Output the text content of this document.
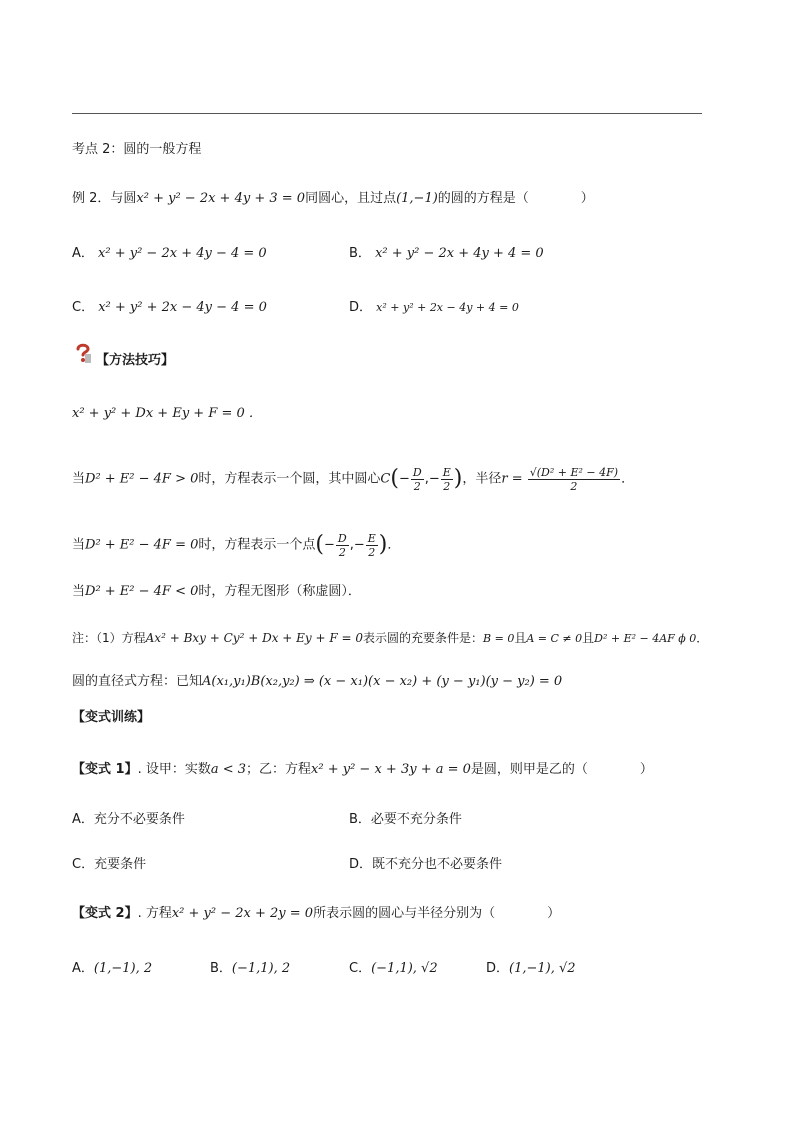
考点 2：圆的一般方程
例 2．与圆x² + y² − 2x + 4y + 3 = 0同圆心，且过点(1,−1)的圆的方程是（　　　　）
A． x² + y² − 2x + 4y − 4 = 0	B． x² + y² − 2x + 4y + 4 = 0
C． x² + y² + 2x − 4y − 4 = 0	D． x² + y² + 2x − 4y + 4 = 0
【方法技巧】
x² + y² + Dx + Ey + F = 0 ．
当D² + E² − 4F > 0时，方程表示一个圆，其中圆心$C(- \frac{D}{2}$ ,− $\frac{E}{2}$ )，半径$r = \frac{\text{√(D² + E² − 4F)}}{2}$ ．
当D² + E² − 4F = 0时，方程表示一个点(− $\frac{D}{2}$ ,− $\frac{E}{2}$ )．
当D² + E² − 4F < 0时，方程无图形（称虚圆）．
注：（1）方程Ax² + Bxy + Cy² + Dx + Ey + F = 0表示圆的充要条件是：B = 0且A = C ≠ 0且D² + E² − 4AF ϕ 0．
圆的直径式方程：已知A(x₁,y₁)B(x₂,y₂) ⇒ (x − x₁)(x − x₂) + (y − y₁)(y − y₂) = 0
【变式训练】
【变式 1】. 设甲：实数a < 3；乙：方程x² + y² − x + 3y + a = 0是圆，则甲是乙的（　　　　）
A．充分不必要条件	B．必要不充分条件
C．充要条件	D．既不充分也不必要条件
【变式 2】. 方程x² + y² − 2x + 2y = 0所表示圆的圆心与半径分别为（　　　　）
A．(1,−1), 2	B．(−1,1), 2	C．(−1,1), √2	D．(1,−1), √2
